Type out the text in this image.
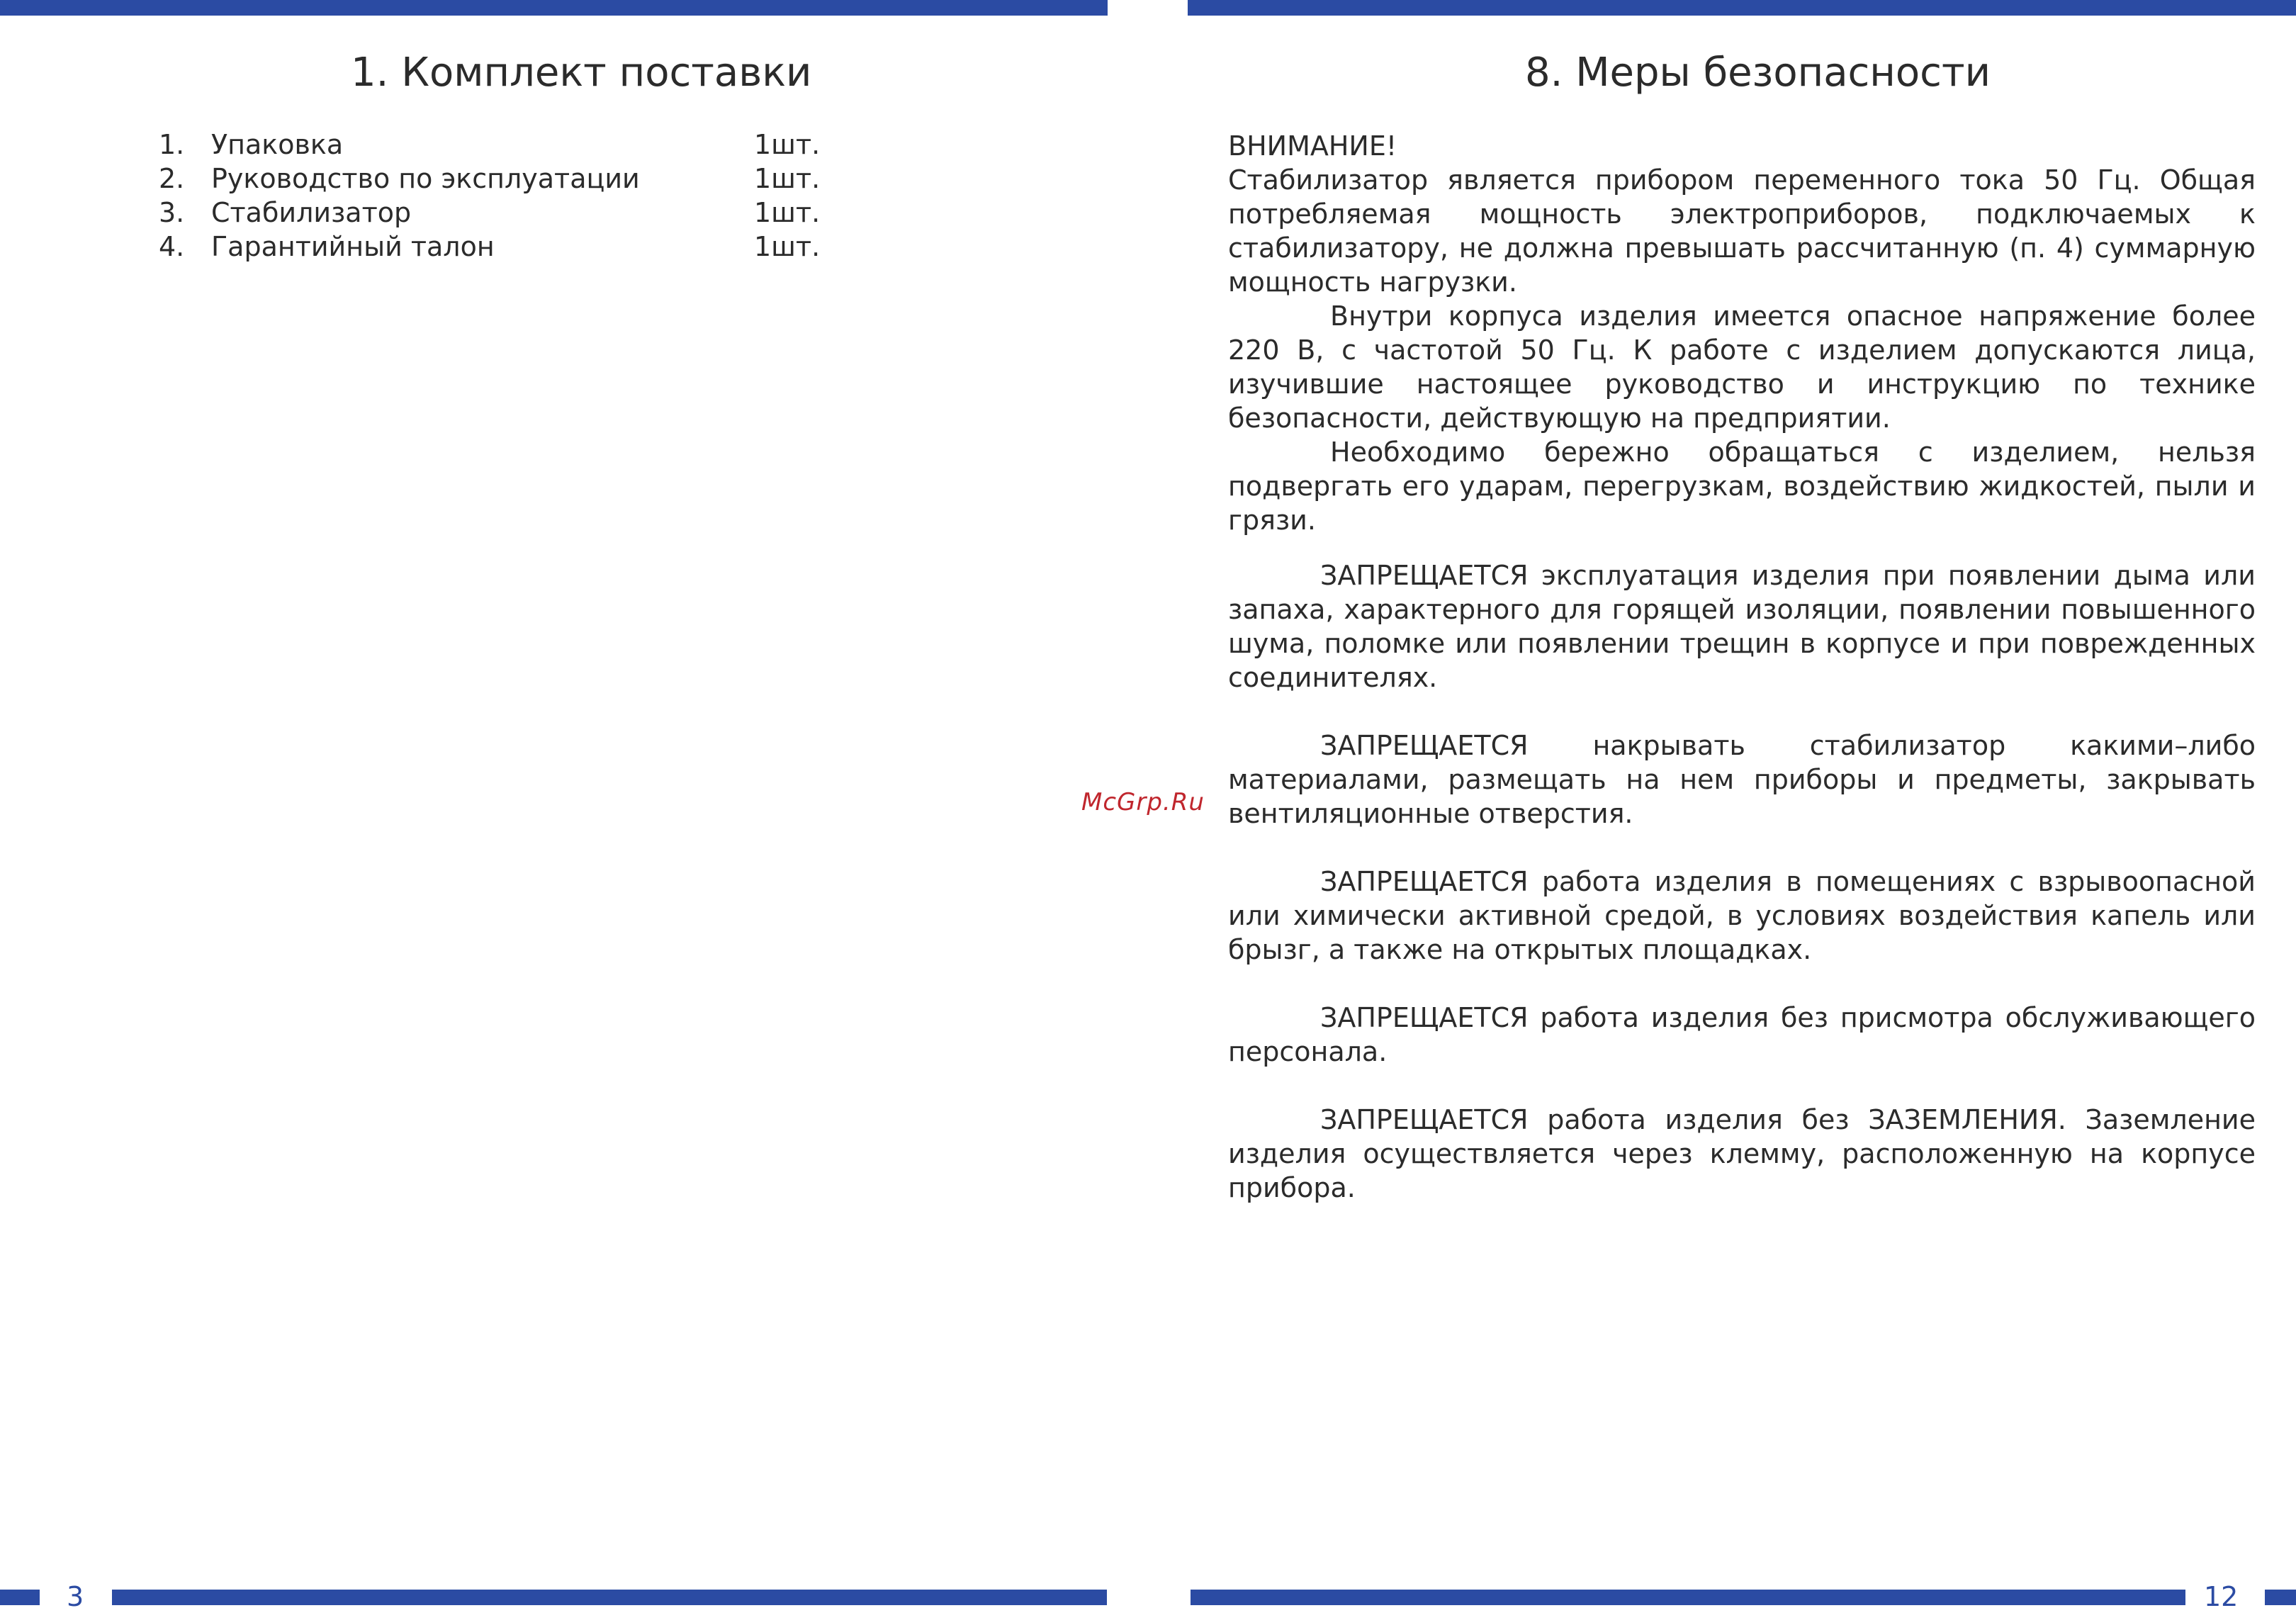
1. Комплект поставки
1. Упаковка	1шт.
2. Руководство по эксплуатации	1шт.
3. Стабилизатор	1шт.
4. Гарантийный талон	1шт.
3
8. Меры безопасности

ВНИМАНИЕ!

Стабилизатор является прибором переменного тока 50 Гц. Общая потребляемая мощность электроприборов, подключаемых к стабилизатору, не должна превышать рассчитанную (п. 4) суммарную мощность нагрузки.

Внутри корпуса изделия имеется опасное напряжение более 220 В, с частотой 50 Гц. К работе с изделием допускаются лица, изучившие настоящее руководство и инструкцию по технике безопасности, действующую на предприятии.

Необходимо бережно обращаться с изделием, нельзя подвергать его ударам, перегрузкам, воздействию жидкостей, пыли и грязи.

ЗАПРЕЩАЕТСЯ эксплуатация изделия при появлении дыма или запаха, характерного для горящей изоляции, появлении повышенного шума, поломке или появлении трещин в корпусе и при поврежденных соединителях.

ЗАПРЕЩАЕТСЯ накрывать стабилизатор какими–либо материалами, размещать на нем приборы и предметы, закрывать вентиляционные отверстия.

ЗАПРЕЩАЕТСЯ работа изделия в помещениях с взрывоопасной или химически активной средой, в условиях воздействия капель или брызг, а также на открытых площадках.

ЗАПРЕЩАЕТСЯ работа изделия без присмотра обслуживающего персонала.

ЗАПРЕЩАЕТСЯ работа изделия без ЗАЗЕМЛЕНИЯ. Заземление изделия осуществляется через клемму, расположенную на корпусе прибора.

12
McGrp.Ru
